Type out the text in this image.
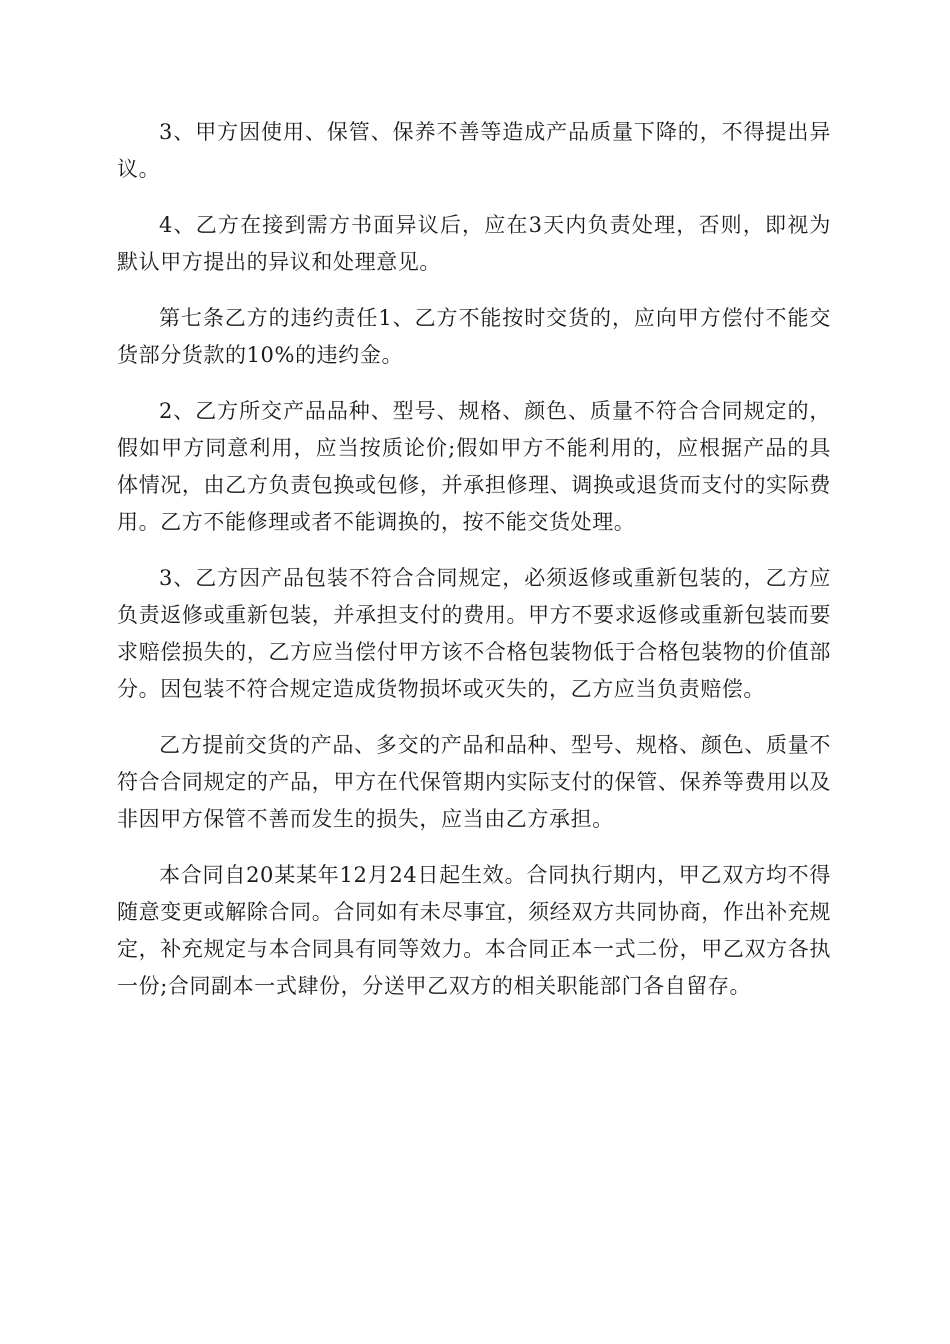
3、甲方因使用、保管、保养不善等造成产品质量下降的，不得提出异议。

4、乙方在接到需方书面异议后，应在3天内负责处理，否则，即视为默认甲方提出的异议和处理意见。

第七条乙方的违约责任1、乙方不能按时交货的，应向甲方偿付不能交货部分货款的10%的违约金。

2、乙方所交产品品种、型号、规格、颜色、质量不符合合同规定的，假如甲方同意利用，应当按质论价;假如甲方不能利用的，应根据产品的具体情况，由乙方负责包换或包修，并承担修理、调换或退货而支付的实际费用。乙方不能修理或者不能调换的，按不能交货处理。

3、乙方因产品包装不符合合同规定，必须返修或重新包装的，乙方应负责返修或重新包装，并承担支付的费用。甲方不要求返修或重新包装而要求赔偿损失的，乙方应当偿付甲方该不合格包装物低于合格包装物的价值部分。因包装不符合规定造成货物损坏或灭失的，乙方应当负责赔偿。

乙方提前交货的产品、多交的产品和品种、型号、规格、颜色、质量不符合合同规定的产品，甲方在代保管期内实际支付的保管、保养等费用以及非因甲方保管不善而发生的损失，应当由乙方承担。

本合同自20某某年12月24日起生效。合同执行期内，甲乙双方均不得随意变更或解除合同。合同如有未尽事宜，须经双方共同协商，作出补充规定，补充规定与本合同具有同等效力。本合同正本一式二份，甲乙双方各执一份;合同副本一式肆份，分送甲乙双方的相关职能部门各自留存。
